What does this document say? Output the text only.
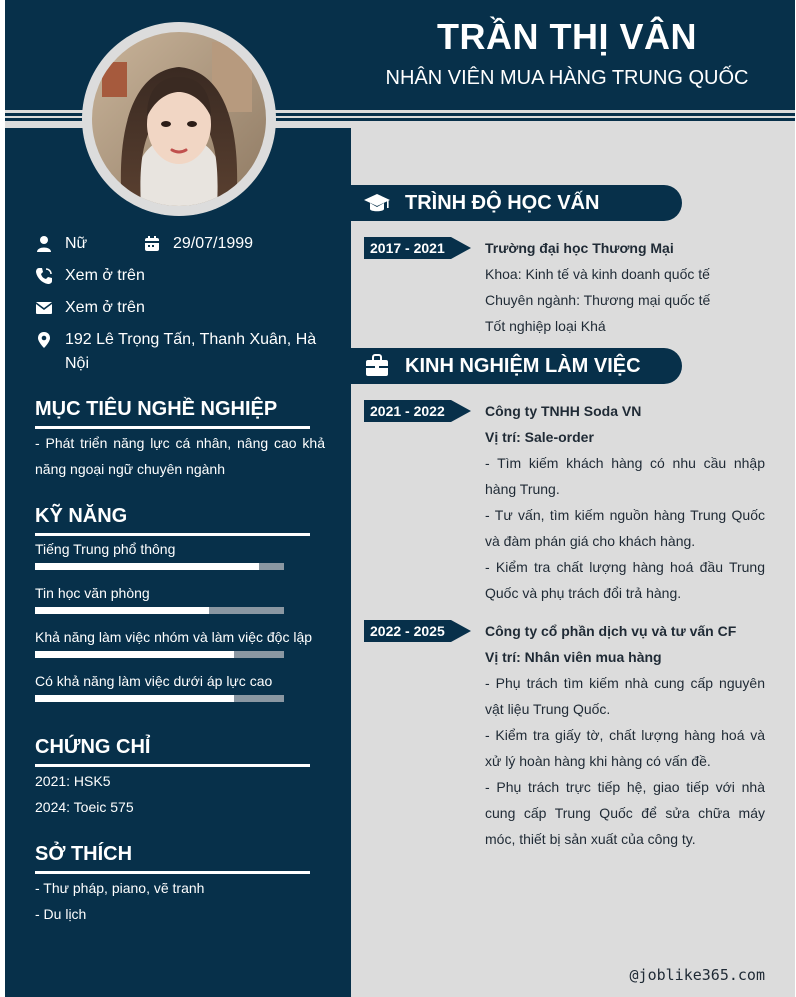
TRẦN THỊ VÂN
NHÂN VIÊN MUA HÀNG TRUNG QUỐC
Nữ	29/07/1999
Xem ở trên
Xem ở trên
192 Lê Trọng Tấn, Thanh Xuân, Hà
Nội
MỤC TIÊU NGHỀ NGHIỆP
- Phát triển năng lực cá nhân, nâng cao khả năng ngoại ngữ chuyên ngành
KỸ NĂNG
Tiếng Trung phổ thông
Tin học văn phòng
Khả năng làm việc nhóm và làm việc độc lập
Có khả năng làm việc dưới áp lực cao
CHỨNG CHỈ
2021: HSK5
2024: Toeic 575
SỞ THÍCH
- Thư pháp, piano, vẽ tranh
- Du lịch
TRÌNH ĐỘ HỌC VẤN
2017 - 2021	Trường đại học Thương Mại

Khoa: Kinh tế và kinh doanh quốc tế

Chuyên ngành: Thương mại quốc tế

Tốt nghiệp loại Khá

KINH NGHIỆM LÀM VIỆC
2021 - 2022	Công ty TNHH Soda VN

Vị trí: Sale-order

- Tìm kiếm khách hàng có nhu cầu nhập hàng Trung.

- Tư vấn, tìm kiếm nguồn hàng Trung Quốc và đàm phán giá cho khách hàng.

- Kiểm tra chất lượng hàng hoá đầu Trung Quốc và phụ trách đổi trả hàng.

2022 - 2025	Công ty cổ phần dịch vụ và tư vấn CF

Vị trí: Nhân viên mua hàng

- Phụ trách tìm kiếm nhà cung cấp nguyên vật liệu Trung Quốc.

- Kiểm tra giấy tờ, chất lượng hàng hoá và xử lý hoàn hàng khi hàng có vấn đề.

- Phụ trách trực tiếp hệ, giao tiếp với nhà cung cấp Trung Quốc để sửa chữa máy móc, thiết bị sản xuất của công ty.

@joblike365.com
